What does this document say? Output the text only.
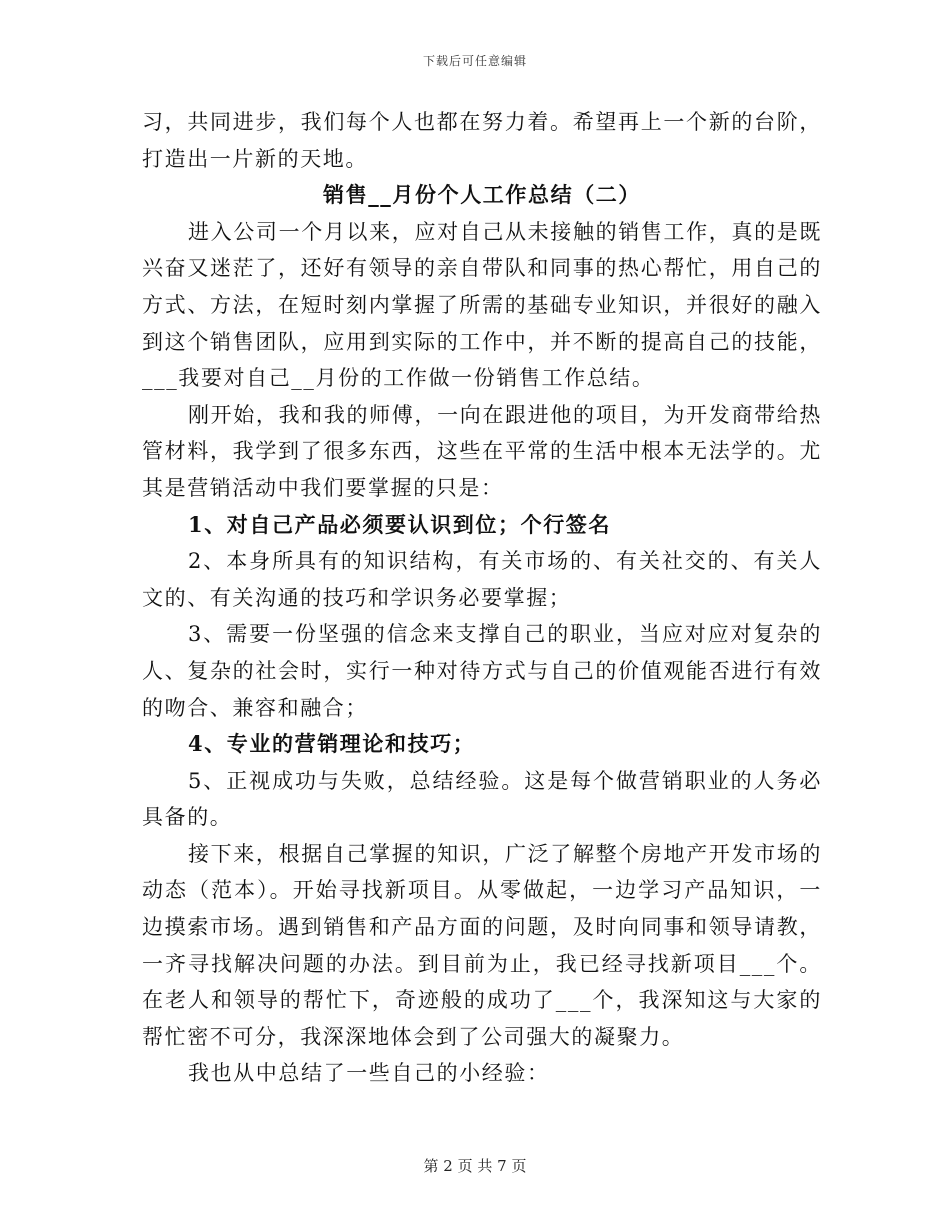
下载后可任意编辑

习，共同进步，我们每个人也都在努力着。希望再上一个新的台阶，打造出一片新的天地。

销售__月份个人工作总结（二）

进入公司一个月以来，应对自己从未接触的销售工作，真的是既兴奋又迷茫了，还好有领导的亲自带队和同事的热心帮忙，用自己的方式、方法，在短时刻内掌握了所需的基础专业知识，并很好的融入到这个销售团队，应用到实际的工作中，并不断的提高自己的技能，___我要对自己__月份的工作做一份销售工作总结。

刚开始，我和我的师傅，一向在跟进他的项目，为开发商带给热管材料，我学到了很多东西，这些在平常的生活中根本无法学的。尤其是营销活动中我们要掌握的只是：

1、对自己产品必须要认识到位；个行签名

2、本身所具有的知识结构，有关市场的、有关社交的、有关人文的、有关沟通的技巧和学识务必要掌握；

3、需要一份坚强的信念来支撑自己的职业，当应对应对复杂的人、复杂的社会时，实行一种对待方式与自己的价值观能否进行有效的吻合、兼容和融合；

4、专业的营销理论和技巧；

5、正视成功与失败，总结经验。这是每个做营销职业的人务必具备的。

接下来，根据自己掌握的知识，广泛了解整个房地产开发市场的动态（范本）。开始寻找新项目。从零做起，一边学习产品知识，一边摸索市场。遇到销售和产品方面的问题，及时向同事和领导请教，一齐寻找解决问题的办法。到目前为止，我已经寻找新项目___个。在老人和领导的帮忙下，奇迹般的成功了___个，我深知这与大家的帮忙密不可分，我深深地体会到了公司强大的凝聚力。

我也从中总结了一些自己的小经验：

第 2 页 共 7 页
